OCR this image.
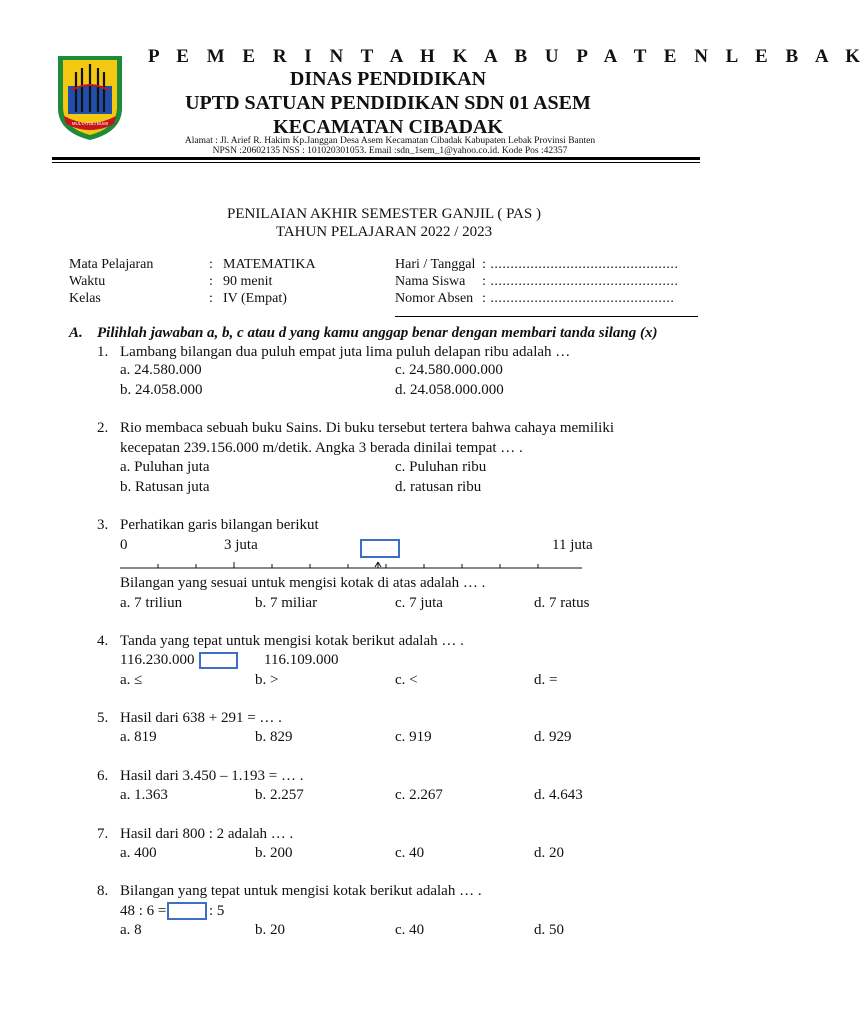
MULTATULI BUMI
P E M E R I N T A H K A B U P A T E N L E B A K
DINAS PENDIDIKAN
UPTD SATUAN PENDIDIKAN SDN 01 ASEM
KECAMATAN CIBADAK
Alamat : Jl. Arief R. Hakim Kp.Janggan Desa Asem Kecamatan Cibadak Kabupaten Lebak Provinsi Banten
NPSN :20602135 NSS : 101020301053. Email :sdn_1sem_1@yahoo.co.id. Kode Pos :42357
PENILAIAN AKHIR SEMESTER GANJIL ( PAS )
TAHUN PELAJARAN 2022 / 2023
Mata Pelajaran	: MATEMATIKA
Waktu	: 90 menit
Kelas	: IV (Empat)
Hari / Tanggal : ...............................................
Nama Siswa : ...............................................
Nomor Absen : ..............................................
A. Pilihlah jawaban a, b, c atau d yang kamu anggap benar dengan membari tanda silang (x)
1. Lambang bilangan dua puluh empat juta lima puluh delapan ribu adalah …
a. 24.580.000	c. 24.580.000.000
b. 24.058.000	d. 24.058.000.000
2. Rio membaca sebuah buku Sains. Di buku tersebut tertera bahwa cahaya memiliki
kecepatan 239.156.000 m/detik. Angka 3 berada dinilai tempat … .
a. Puluhan juta	c. Puluhan ribu
b. Ratusan juta	d. ratusan ribu
3. Perhatikan garis bilangan berikut
0	3 juta	11 juta
Bilangan yang sesuai untuk mengisi kotak di atas adalah … .
a. 7 triliun	b. 7 miliar	c. 7 juta	d. 7 ratus
4. Tanda yang tepat untuk mengisi kotak berikut adalah … .
116.230.000	116.109.000
a. ≤	b. >	c. <	d. =
5. Hasil dari 638 + 291 = … .
a. 819	b. 829	c. 919	d. 929
6. Hasil dari 3.450 – 1.193 = … .
a. 1.363	b. 2.257	c. 2.267	d. 4.643
7. Hasil dari 800 : 2 adalah … .
a. 400	b. 200	c. 40	d. 20
8. Bilangan yang tepat untuk mengisi kotak berikut adalah … .
48 : 6 =	: 5
a. 8	b. 20	c. 40	d. 50
